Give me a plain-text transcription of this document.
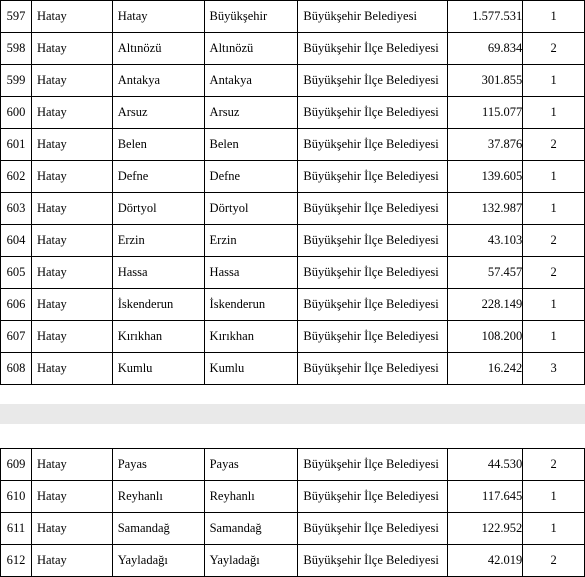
597	Hatay	Hatay	Büyükşehir	Büyükşehir Belediyesi	1.577.531	1
598	Hatay	Altınözü	Altınözü	Büyükşehir İlçe Belediyesi	69.834	2
599	Hatay	Antakya	Antakya	Büyükşehir İlçe Belediyesi	301.855	1
600	Hatay	Arsuz	Arsuz	Büyükşehir İlçe Belediyesi	115.077	1
601	Hatay	Belen	Belen	Büyükşehir İlçe Belediyesi	37.876	2
602	Hatay	Defne	Defne	Büyükşehir İlçe Belediyesi	139.605	1
603	Hatay	Dörtyol	Dörtyol	Büyükşehir İlçe Belediyesi	132.987	1
604	Hatay	Erzin	Erzin	Büyükşehir İlçe Belediyesi	43.103	2
605	Hatay	Hassa	Hassa	Büyükşehir İlçe Belediyesi	57.457	2
606	Hatay	İskenderun	İskenderun	Büyükşehir İlçe Belediyesi	228.149	1
607	Hatay	Kırıkhan	Kırıkhan	Büyükşehir İlçe Belediyesi	108.200	1
608	Hatay	Kumlu	Kumlu	Büyükşehir İlçe Belediyesi	16.242	3
609	Hatay	Payas	Payas	Büyükşehir İlçe Belediyesi	44.530	2
610	Hatay	Reyhanlı	Reyhanlı	Büyükşehir İlçe Belediyesi	117.645	1
611	Hatay	Samandağ	Samandağ	Büyükşehir İlçe Belediyesi	122.952	1
612	Hatay	Yayladağı	Yayladağı	Büyükşehir İlçe Belediyesi	42.019	2
